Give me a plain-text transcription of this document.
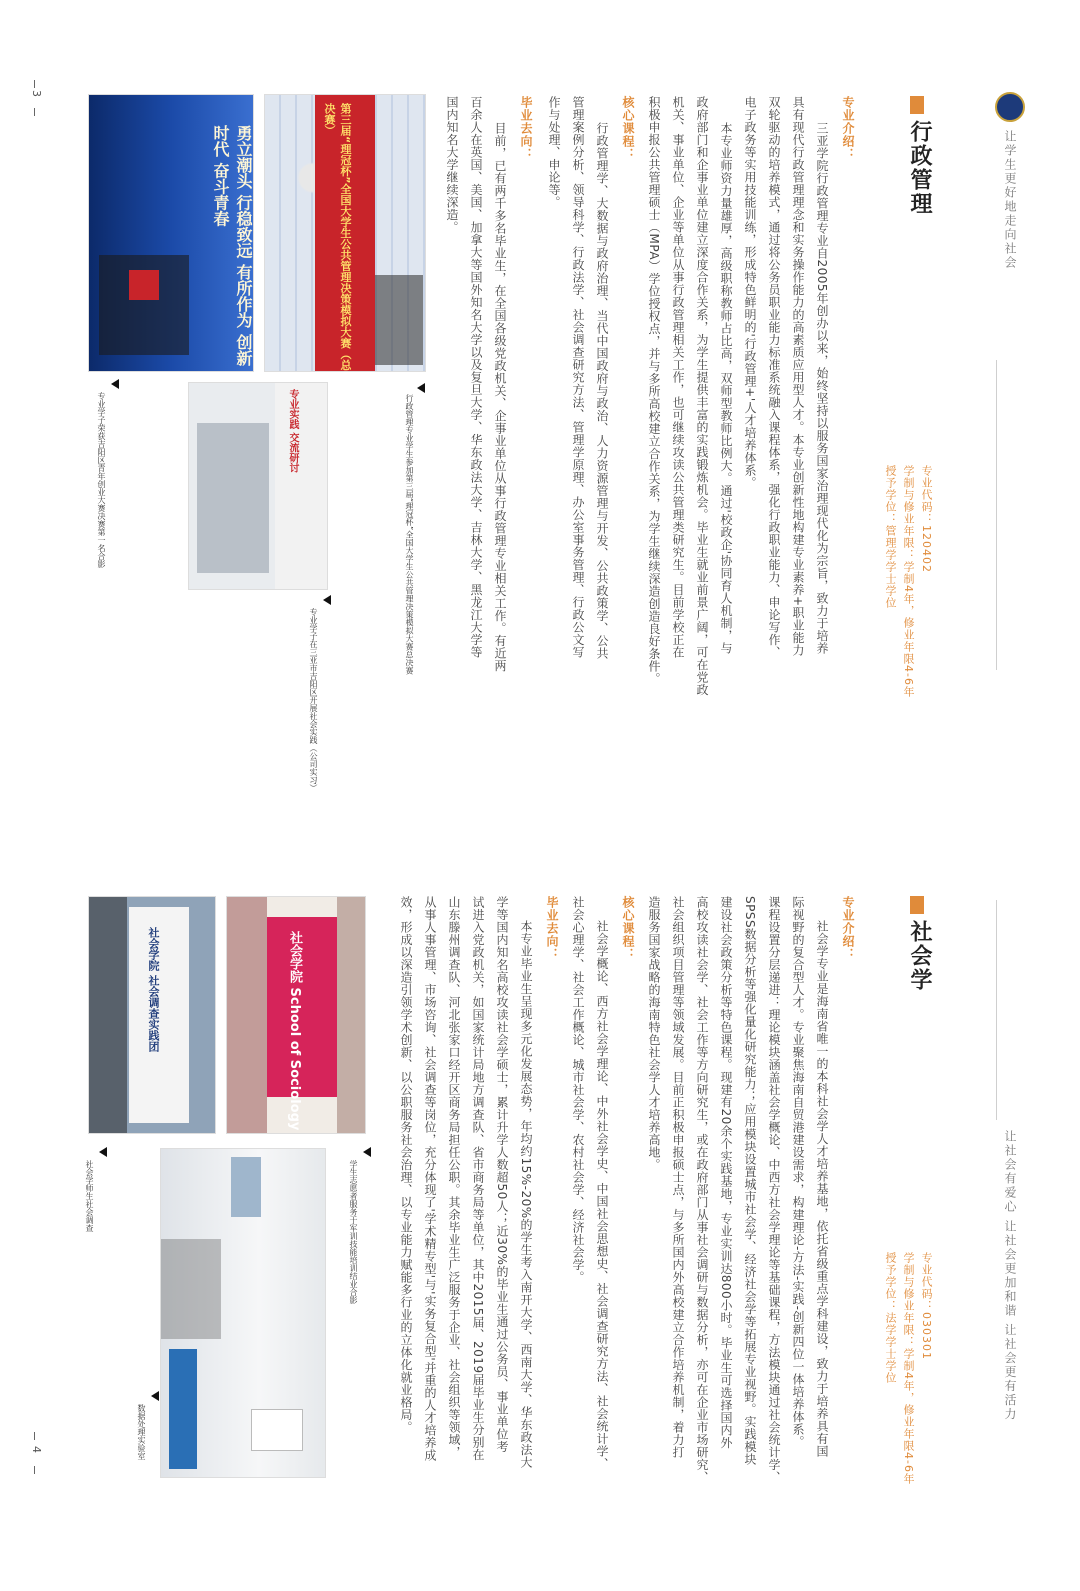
3
让学生更好地走向社会
行政管理
专业代码：120402
学制与修业年限：学制4年，修业年限4-6年
授予学位：管理学学士学位
专业介绍：
三亚学院行政管理专业自2005年创办以来，始终坚持以服务国家治理现代化为宗旨，致力于培养
具有现代行政管理理念和实务操作能力的高素质应用型人才。本专业创新性地构建专业素养+职业能力
双轮驱动的培养模式，通过将公务员职业能力标准系统融入课程体系，强化行政职业能力、申论写作、
电子政务等实用技能训练，形成特色鲜明的'行政管理+'人才培养体系。
本专业师资力量雄厚，高级职称教师占比高，双师型教师比例大。通过'校政企'协同育人机制，与
政府部门和企事业单位建立深度合作关系，为学生提供丰富的实践锻炼机会。毕业生就业前景广阔，可在党政
机关、事业单位、企业等单位从事行政管理相关工作，也可继续攻读公共管理类研究生。目前学校正在
积极申报公共管理硕士（MPA）学位授权点，并与多所高校建立合作关系，为学生继续深造创造良好条件。
核心课程：
行政管理学、大数据与政府治理、当代中国政府与政治、人力资源管理与开发、公共政策学、公共
管理案例分析、领导科学、行政法学、社会调查研究方法、管理学原理、办公室事务管理、行政公文写
作与处理、申论等。
毕业去向：
目前，已有两千多名毕业生，在全国各级党政机关、企事业单位从事行政管理专业相关工作。有近两
百余人在英国、美国、加拿大等国外知名大学以及复旦大学、华东政法大学、吉林大学、黑龙江大学等
国内知名大学继续深造。
第三届“理冠杯”全国大学生公共管理决策模拟大赛（总决赛）
勇立潮头 行稳致远 有所作为 创新时代 奋斗青春
专业实践 交流研讨	行政管理专业学生参加第三届“理冠杯”全国大学生公共管理决策模拟大赛总决赛
专业学子荣获吉阳区青年创业大赛决赛第一名合影
专业学子在三亚市吉阳区开展社会实践（公司实习）
4
让社会有爱心 让社会更加和谐 让社会更有活力
社会学
专业代码：030301
学制与修业年限：学制4年，修业年限4-6年
授予学位：法学学士学位
专业介绍：
社会学专业是海南省唯一的本科社会学人才培养基地，依托省级重点学科建设，致力于培养具有国
际视野的复合型人才。专业聚焦海南自贸港建设需求，构建理论-方法-实践-创新四位一体培养体系。
课程设置分层递进：理论模块涵盖社会学概论、中西方社会学理论等基础课程，方法模块通过社会统计学、
SPSS数据分析等强化量化研究能力；应用模块设置城市社会学、经济社会学等拓展专业视野。实践模块
建设社会政策分析等特色课程。现建有20余个实践基地，专业实训达800小时。毕业生可选择国内外
高校攻读社会学、社会工作等方向研究生，或在政府部门从事社会调研与数据分析，亦可在企业市场研究、
社会组织项目管理等领域发展。目前正积极申报硕士点，与多所国内外高校建立合作培养机制，着力打
造服务国家战略的海南特色社会学人才培养高地。
核心课程：
社会学概论、西方社会学理论、中外社会学史、中国社会思想史、社会调查研究方法、社会统计学、
社会心理学、社会工作概论、城市社会学、农村社会学、经济社会学。
毕业去向：
本专业毕业生呈现多元化发展态势，年均约15%-20%的学生考入南开大学、西南大学、华东政法大
学等国内知名高校攻读社会学硕士，累计升学人数超50人；近30%的毕业生通过公务员、事业单位考
试进入党政机关，如国家统计局地方调查队、省市商务局等单位，其中2015届、2019届毕业生分别在
山东滕州调查队、河北张家口经开区商务局担任公职。其余毕业生广泛服务于企业、社会组织等领域，
从事人事管理、市场咨询、社会调查等岗位，充分体现了'学术精专型'与'实务复合型'并重的人才培养成
效，形成以深造引领学术创新、以公职服务社会治理、以专业能力赋能多行业的立体化就业格局。
社会学院 School of Sociology
社会学院 社会调查实践团
学生志愿者服务于军训技能培训结业合影
社会学师生社会调查
数据处理实验室
